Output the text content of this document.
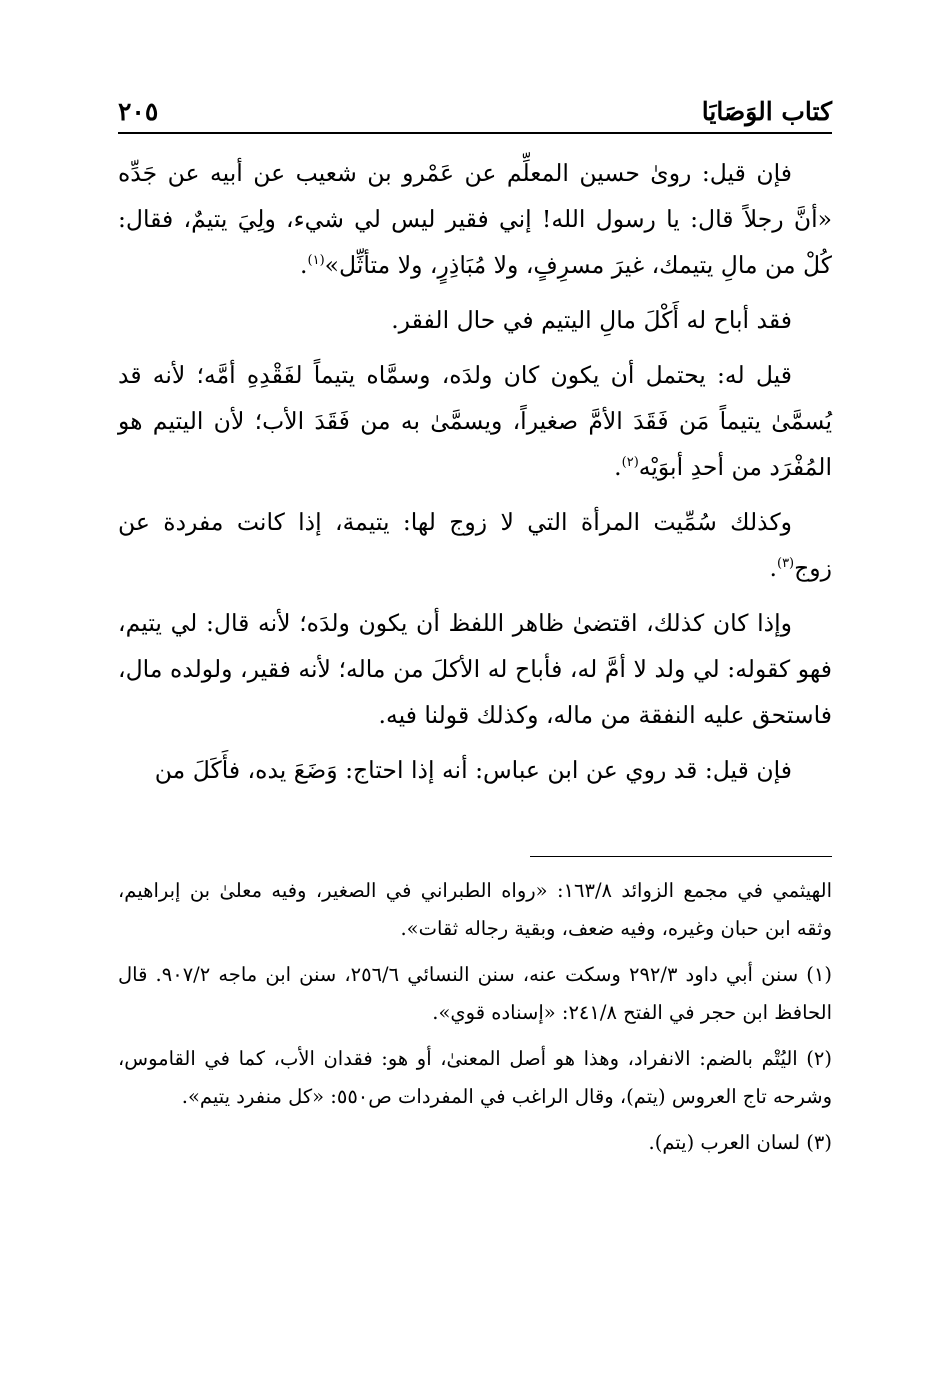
كتاب الوَصَايَا
٢٠٥

فإن قيل: رویٰ حسين المعلِّم عن عَمْرو بن شعيب عن أبيه عن جَدِّه «أنَّ رجلاً قال: يا رسول الله! إني فقير ليس لي شيء، ولِيَ يتيمٌ، فقال: كُلْ من مالِ يتيمك، غيرَ مسرِفٍ، ولا مُبَاذِرٍ، ولا متأثِّل»$^{(١)}$.

فقد أباح له أَكْلَ مالِ اليتيم في حال الفقر.

قيل له: يحتمل أن يكون كان ولدَه، وسمَّاه يتيماً لفَقْدِهِ أمَّه؛ لأنه قد يُسمَّىٰ يتيماً مَن فَقَدَ الأمَّ صغيراً، ويسمَّىٰ به من فَقَدَ الأب؛ لأن اليتيم هو المُفْرَد من أحدِ أبوَيْه$^{(٢)}$.

وكذلك سُمِّيت المرأة التي لا زوج لها: يتيمة، إذا كانت مفردة عن زوج$^{(٣)}$.

وإذا كان كذلك، اقتضىٰ ظاهر اللفظ أن يكون ولدَه؛ لأنه قال: لي يتيم، فهو كقوله: لي ولد لا أمَّ له، فأباح له الأكلَ من ماله؛ لأنه فقير، ولولده مال، فاستحق عليه النفقة من ماله، وكذلك قولنا فيه.

فإن قيل: قد روي عن ابن عباس: أنه إذا احتاج: وَضَعَ يده، فأَكَلَ من

الهيثمي في مجمع الزوائد ١٦٣/٨: «رواه الطبراني في الصغير، وفيه معلىٰ بن إبراهيم، وثقه ابن حبان وغيره، وفيه ضعف، وبقية رجاله ثقات».

(١) سنن أبي داود ٢٩٢/٣ وسكت عنه، سنن النسائي ٢٥٦/٦، سنن ابن ماجه ٩٠٧/٢. قال الحافظ ابن حجر في الفتح ٢٤١/٨: «إسناده قوي».

(٢) اليُتْم بالضم: الانفراد، وهذا هو أصل المعنىٰ، أو هو: فقدان الأب، كما في القاموس، وشرحه تاج العروس (يتم)، وقال الراغب في المفردات ص٥٥٠: «كل منفرد يتيم».

(٣) لسان العرب (يتم).
